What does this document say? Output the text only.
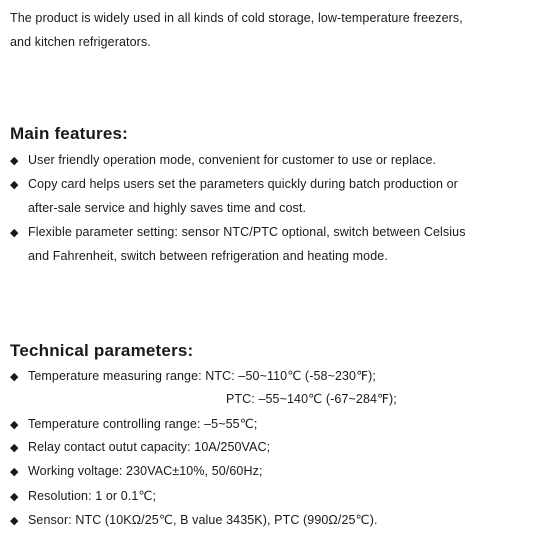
The product is widely used in all kinds of cold storage, low-temperature freezers,
and kitchen refrigerators.
Main features:
◆ User friendly operation mode, convenient for customer to use or replace.
◆ Copy card helps users set the parameters quickly during batch production or
after-sale service and highly saves time and cost.
◆ Flexible parameter setting: sensor NTC/PTC optional, switch between Celsius
and Fahrenheit, switch between refrigeration and heating mode.
Technical parameters:
◆ Temperature measuring range: NTC: –50~110℃ (-58~230℉);
PTC: –55~140℃ (-67~284℉);
◆ Temperature controlling range: –5~55℃;
◆ Relay contact outut capacity: 10A/250VAC;
◆ Working voltage: 230VAC±10%, 50/60Hz;
◆ Resolution: 1 or 0.1℃;
◆ Sensor: NTC (10KΩ/25℃, B value 3435K), PTC (990Ω/25℃).
